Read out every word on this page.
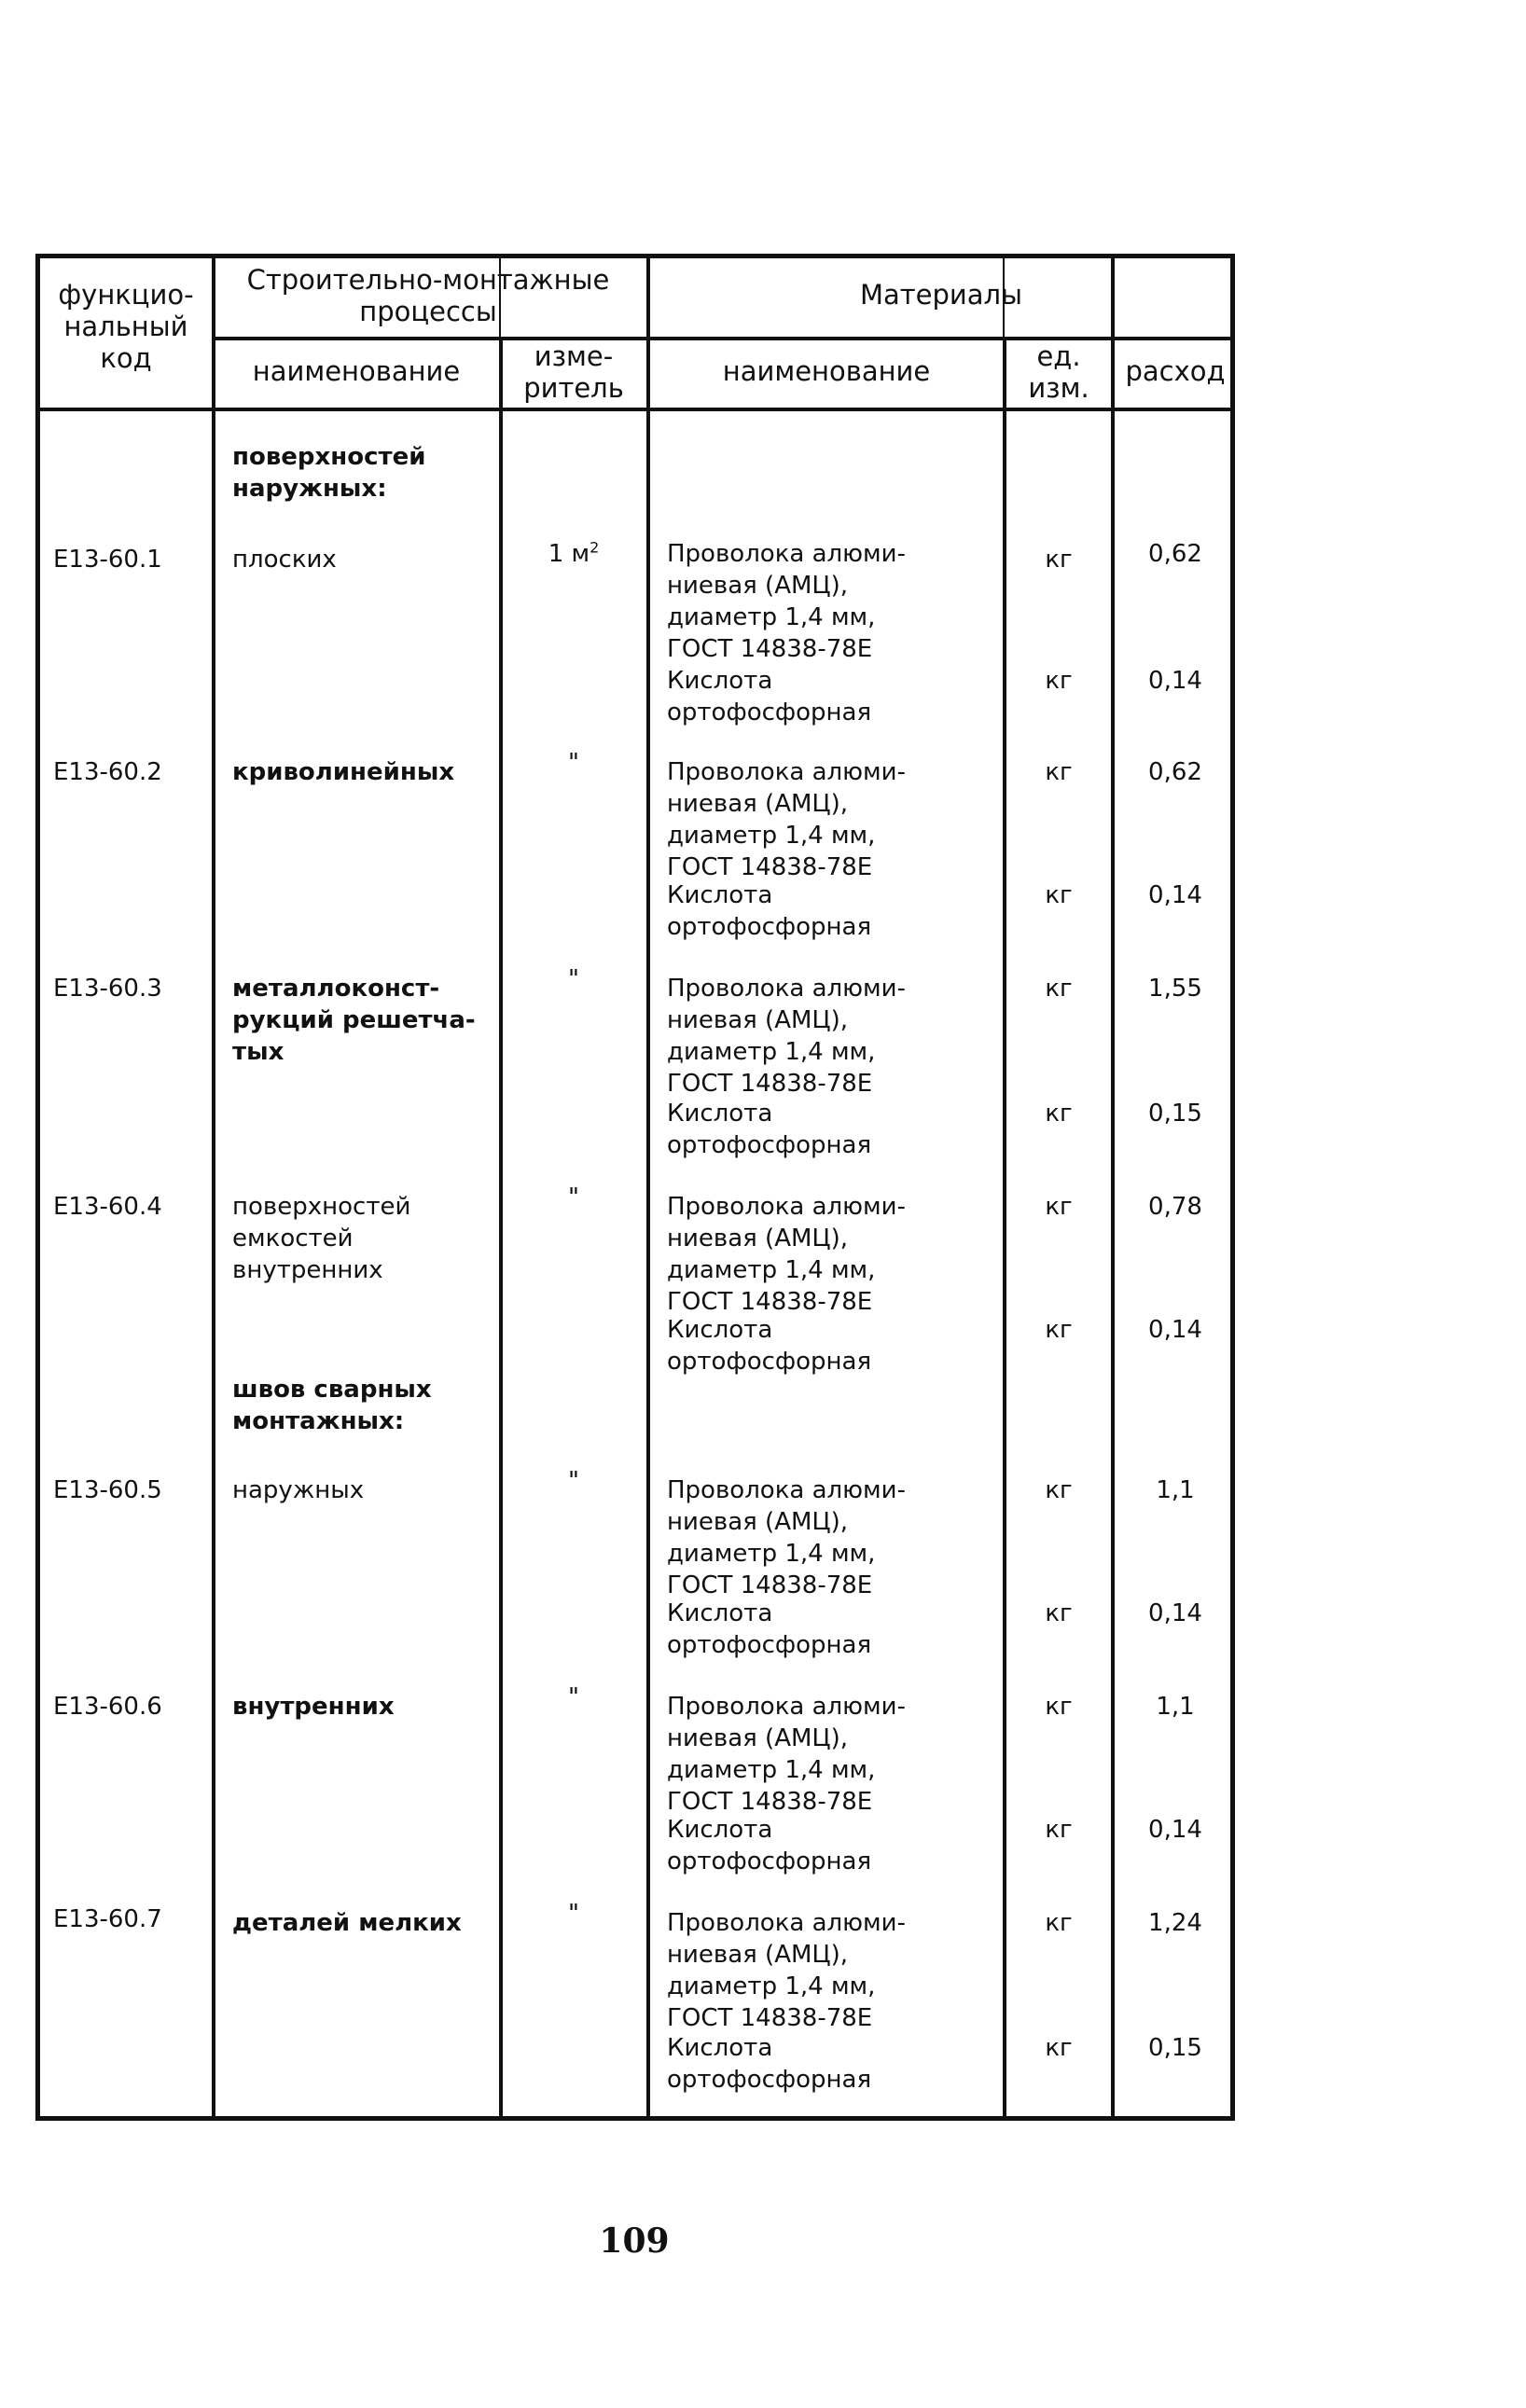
функцио-
нальный
код
Строительно-монтажные
процессы
Материалы
наименование	изме-
ритель
наименование	ед.
изм.
расход
поверхностей
наружных:
Е13-60.1	плоских	1 $м^2$	Проволока алюми-
ниевая (АМЦ),
диаметр 1,4 мм,
ГОСТ 14838-78Е
кг	0,62
Кислота
ортофосфорная
кг	0,14
Е13-60.2	криволинейных	"	Проволока алюми-
ниевая (АМЦ),
диаметр 1,4 мм,
ГОСТ 14838-78Е
кг	0,62
Кислота
ортофосфорная
кг	0,14
Е13-60.3	металлоконст-
рукций решетча-
тых
"	Проволока алюми-
ниевая (АМЦ),
диаметр 1,4 мм,
ГОСТ 14838-78Е
кг	1,55
Кислота
ортофосфорная
кг	0,15
Е13-60.4	поверхностей
емкостей
внутренних
"	Проволока алюми-
ниевая (АМЦ),
диаметр 1,4 мм,
ГОСТ 14838-78Е
кг	0,78
Кислота
ортофосфорная
кг	0,14
швов сварных
монтажных:
Е13-60.5	наружных	"	Проволока алюми-
ниевая (АМЦ),
диаметр 1,4 мм,
ГОСТ 14838-78Е
кг	1,1
Кислота
ортофосфорная
кг	0,14
Е13-60.6	внутренних	"	Проволока алюми-
ниевая (АМЦ),
диаметр 1,4 мм,
ГОСТ 14838-78Е
кг	1,1
Кислота
ортофосфорная
кг	0,14
Е13-60.7	деталей мелких	"	Проволока алюми-
ниевая (АМЦ),
диаметр 1,4 мм,
ГОСТ 14838-78Е
кг	1,24
Кислота
ортофосфорная
кг	0,15
109
